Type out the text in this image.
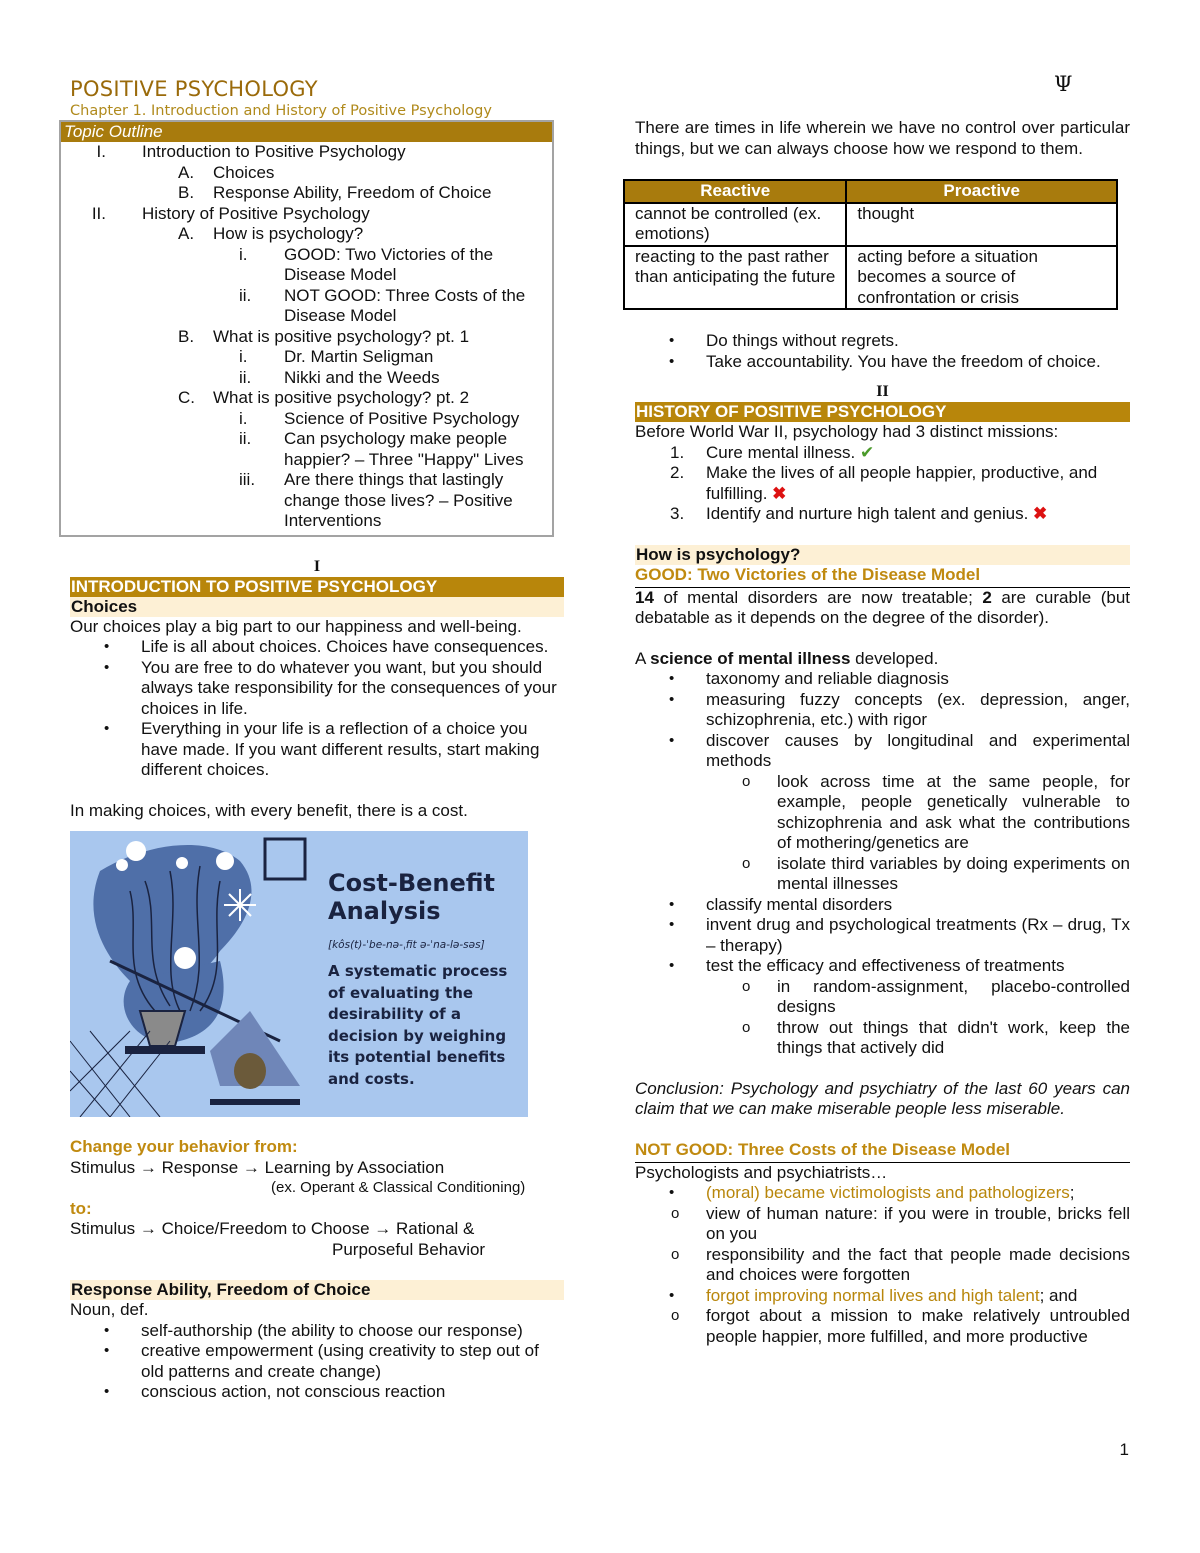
Ψ
POSITIVE PSYCHOLOGY
Chapter 1. Introduction and History of Positive Psychology
Topic Outline
I. Introduction to Positive Psychology
A.	Choices
B.	Response Ability, Freedom of Choice
II. History of Positive Psychology
A.	How is psychology?
i.	GOOD: Two Victories of the
Disease Model
ii.	NOT GOOD: Three Costs of the
Disease Model
B.	What is positive psychology? pt. 1
i.	Dr. Martin Seligman
ii.	Nikki and the Weeds
C.	What is positive psychology? pt. 2
i.	Science of Positive Psychology
ii.	Can psychology make people
happier? – Three "Happy" Lives
iii.	Are there things that lastingly
change those lives? – Positive
Interventions
I
INTRODUCTION TO POSITIVE PSYCHOLOGY
Choices
Our choices play a big part to our happiness and well-being.
• Life is all about choices. Choices have consequences.
• You are free to do whatever you want, but you should always take responsibility for the consequences of your choices in life.
• Everything in your life is a reflection of a choice you have made. If you want different results, start making different choices.
In making choices, with every benefit, there is a cost.
Cost-Benefit
Analysis
[kôs(t)-ˈbe-nə-ˌfit ə-ˈna-lə-səs]
A systematic process of evaluating the desirability of a decision by weighing its potential benefits and costs.
Change your behavior from:
Stimulus → Response → Learning by Association
(ex. Operant & Classical Conditioning)
to:
Stimulus → Choice/Freedom to Choose → Rational &
Purposeful Behavior
Response Ability, Freedom of Choice
Noun, def.
• self-authorship (the ability to choose our response)
• creative empowerment (using creativity to step out of old patterns and create change)
• conscious action, not conscious reaction
There are times in life wherein we have no control over particular things, but we can always choose how we respond to them.
Reactive	Proactive
cannot be controlled (ex. emotions)	thought
reacting to the past rather than anticipating the future	acting before a situation becomes a source of confrontation or crisis
• Do things without regrets.
• Take accountability. You have the freedom of choice.
II
HISTORY OF POSITIVE PSYCHOLOGY
Before World War II, psychology had 3 distinct missions:
1. Cure mental illness. ✔
2. Make the lives of all people happier, productive, and fulfilling. ✖
3. Identify and nurture high talent and genius. ✖
How is psychology?
GOOD: Two Victories of the Disease Model
14 of mental disorders are now treatable; 2 are curable (but debatable as it depends on the degree of the disorder).
A science of mental illness developed.
• taxonomy and reliable diagnosis
• measuring fuzzy concepts (ex. depression, anger, schizophrenia, etc.) with rigor
• discover causes by longitudinal and experimental methods
o look across time at the same people, for example, people genetically vulnerable to schizophrenia and ask what the contributions of mothering/genetics are
o isolate third variables by doing experiments on mental illnesses
• classify mental disorders
• invent drug and psychological treatments (Rx – drug, Tx – therapy)
• test the efficacy and effectiveness of treatments
o in random-assignment, placebo-controlled designs
o throw out things that didn't work, keep the things that actively did
Conclusion: Psychology and psychiatry of the last 60 years can claim that we can make miserable people less miserable.
NOT GOOD: Three Costs of the Disease Model
Psychologists and psychiatrists…
• (moral) became victimologists and pathologizers;
o view of human nature: if you were in trouble, bricks fell on you
o responsibility and the fact that people made decisions and choices were forgotten
• forgot improving normal lives and high talent; and
o forgot about a mission to make relatively untroubled people happier, more fulfilled, and more productive
1
